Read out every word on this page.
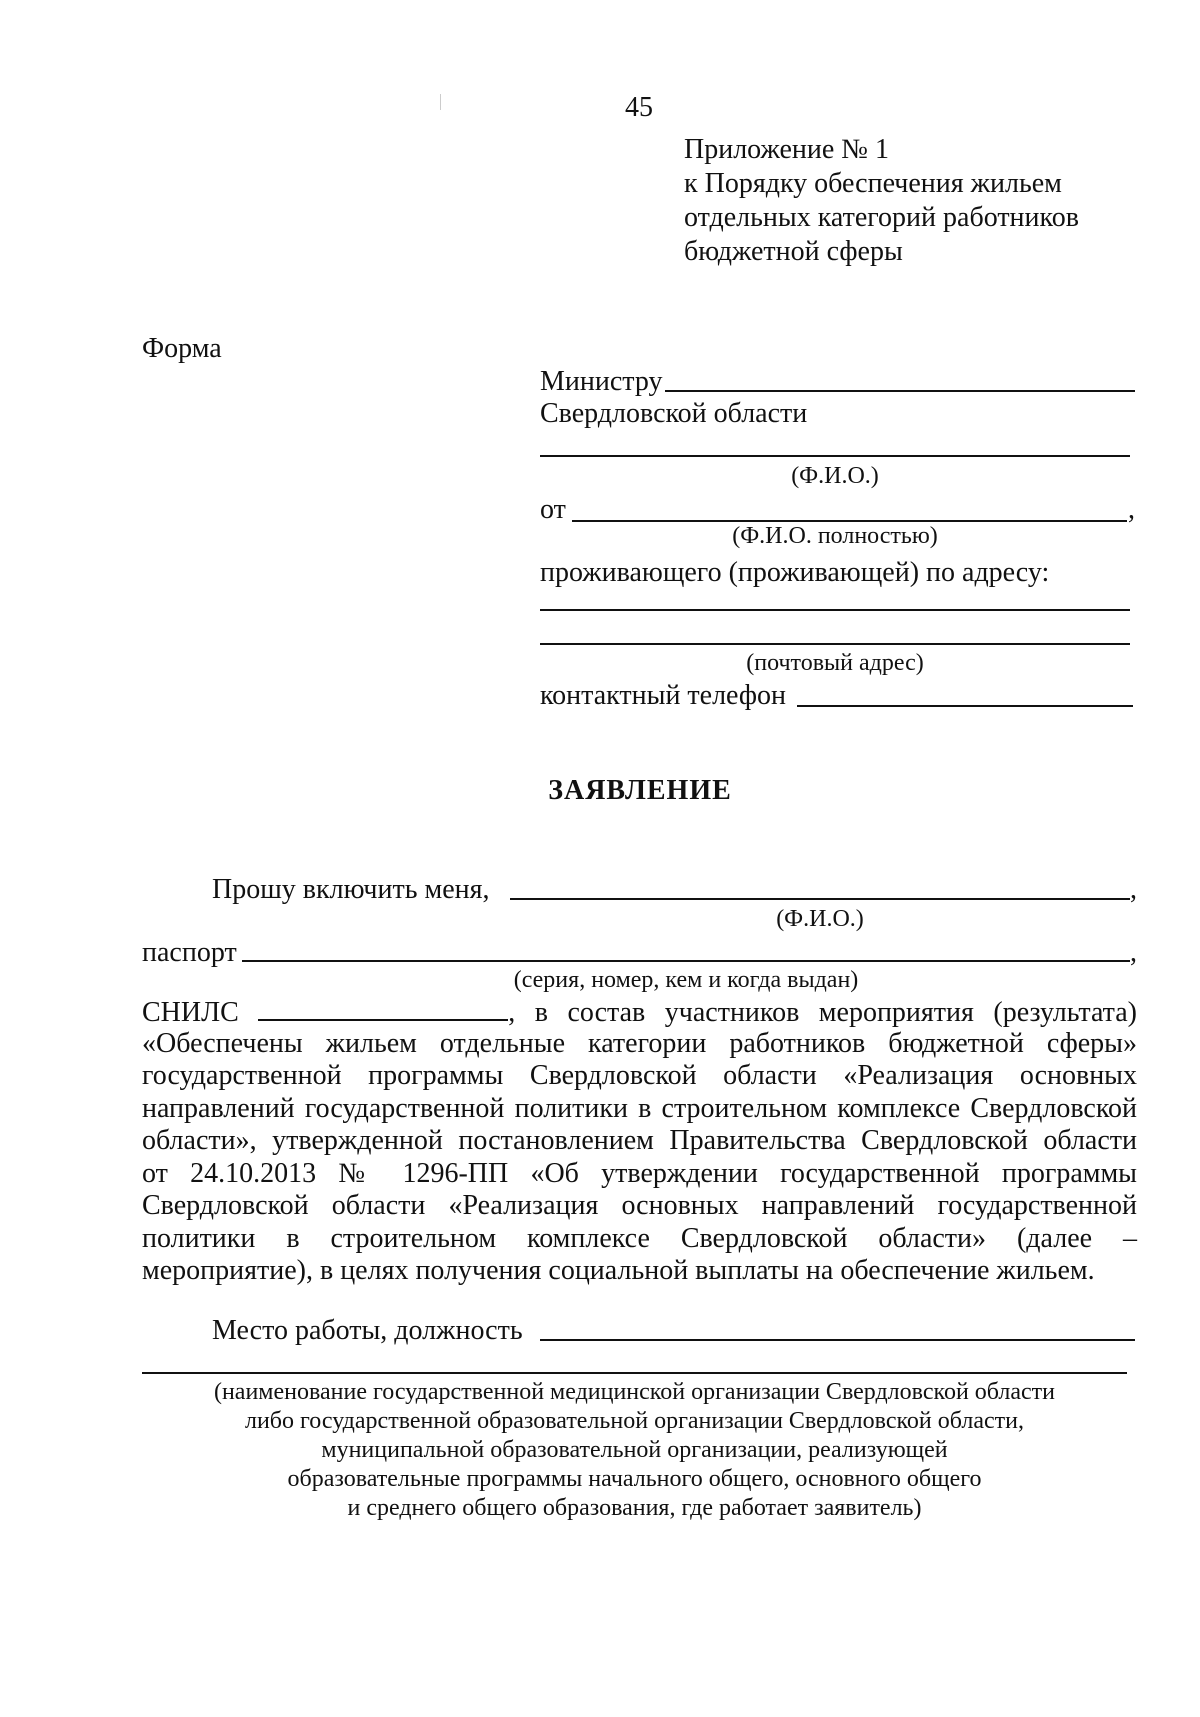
45
Приложение № 1
к Порядку обеспечения жильем
отдельных категорий работников
бюджетной сферы
Форма
Министру
Свердловской области
(Ф.И.О.)
от	,
(Ф.И.О. полностью)
проживающего (проживающей) по адресу:
(почтовый адрес)
контактный телефон
ЗАЯВЛЕНИЕ
Прошу включить меня,	,
(Ф.И.О.)
паспорт	,
(серия, номер, кем и когда выдан)
СНИЛС	, в состав участников мероприятия (результата)
«Обеспечены жильем отдельные категории работников бюджетной сферы»
государственной программы Свердловской области «Реализация основных
направлений государственной политики в строительном комплексе Свердловской
области», утвержденной постановлением Правительства Свердловской области
от 24.10.2013 № 1296-ПП «Об утверждении государственной программы
Свердловской области «Реализация основных направлений государственной
политики в строительном комплексе Свердловской области» (далее –
мероприятие), в целях получения социальной выплаты на обеспечение жильем.
Место работы, должность
(наименование государственной медицинской организации Свердловской области
либо государственной образовательной организации Свердловской области,
муниципальной образовательной организации, реализующей
образовательные программы начального общего, основного общего
и среднего общего образования, где работает заявитель)
